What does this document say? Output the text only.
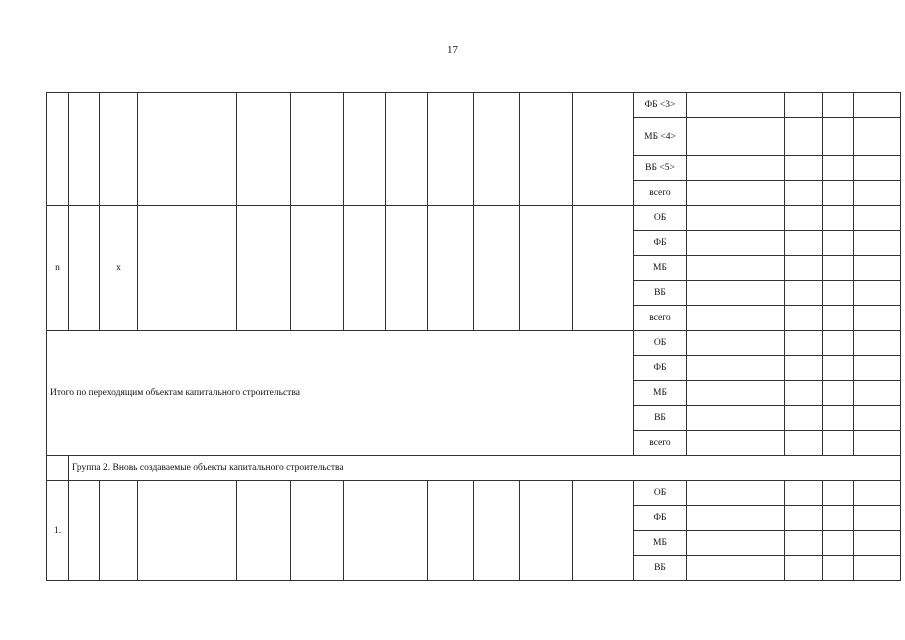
17
												ФБ <3>				
												МБ <4>				
												ВБ <5>				
												всего				
n		x										ОБ				
												ФБ				
												МБ				
												ВБ				
												всего				
Итого по переходящим объектам капитального строительства												ОБ				
												ФБ				
												МБ				
												ВБ				
												всего				
	Группа 2. Вновь создаваемые объекты капитального строительства															
1.												ОБ				
												ФБ				
												МБ				
												ВБ				
